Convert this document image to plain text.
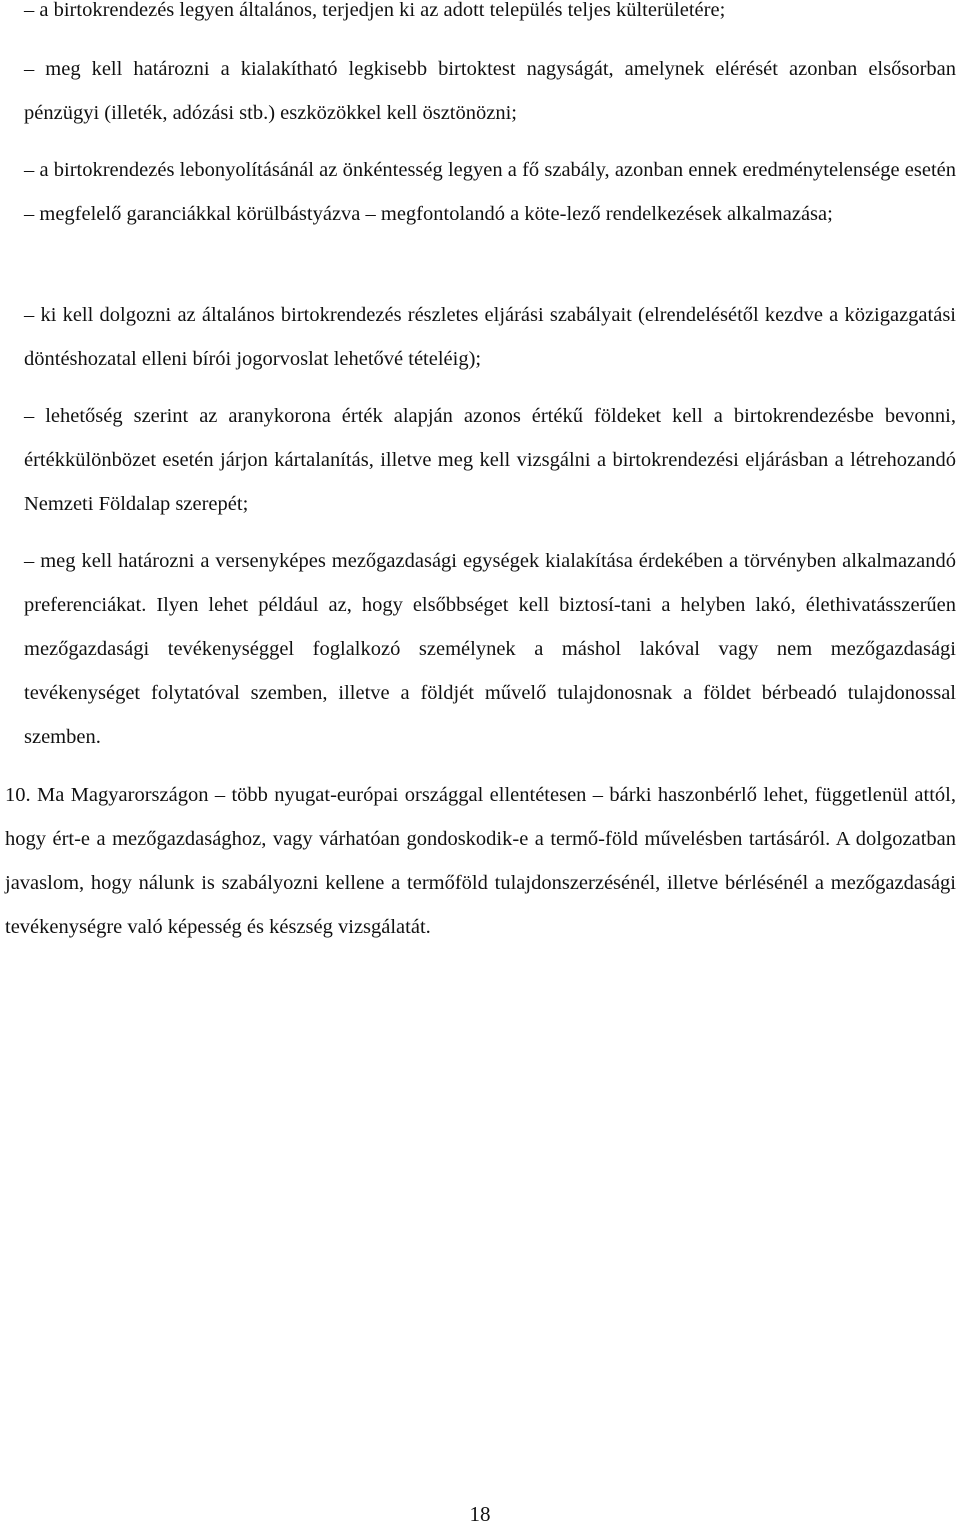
– a birtokrendezés legyen általános, terjedjen ki az adott település teljes külterületére;

– meg kell határozni a kialakítható legkisebb birtoktest nagyságát, amelynek elérését azonban elsősorban pénzügyi (illeték, adózási stb.) eszközökkel kell ösztönözni;

– a birtokrendezés lebonyolításánál az önkéntesség legyen a fő szabály, azonban ennek eredménytelensége esetén – megfelelő garanciákkal körülbástyázva – megfontolandó a köte-lező rendelkezések alkalmazása;

– ki kell dolgozni az általános birtokrendezés részletes eljárási szabályait (elrendelésétől kezdve a közigazgatási döntéshozatal elleni bírói jogorvoslat lehetővé tételéig);

– lehetőség szerint az aranykorona érték alapján azonos értékű földeket kell a birtokrendezésbe bevonni, értékkülönbözet esetén járjon kártalanítás, illetve meg kell vizsgálni a birtokrendezési eljárásban a létrehozandó Nemzeti Földalap szerepét;

– meg kell határozni a versenyképes mezőgazdasági egységek kialakítása érdekében a törvényben alkalmazandó preferenciákat. Ilyen lehet például az, hogy elsőbbséget kell biztosí-tani a helyben lakó, élethivatásszerűen mezőgazdasági tevékenységgel foglalkozó személynek a máshol lakóval vagy nem mezőgazdasági tevékenységet folytatóval szemben, illetve a földjét művelő tulajdonosnak a földet bérbeadó tulajdonossal szemben.

10. Ma Magyarországon – több nyugat-európai országgal ellentétesen – bárki haszonbérlő lehet, függetlenül attól, hogy ért-e a mezőgazdasághoz, vagy várhatóan gondoskodik-e a termő-föld művelésben tartásáról. A dolgozatban javaslom, hogy nálunk is szabályozni kellene a termőföld tulajdonszerzésénél, illetve bérlésénél a mezőgazdasági tevékenységre való képesség és készség vizsgálatát.

18
